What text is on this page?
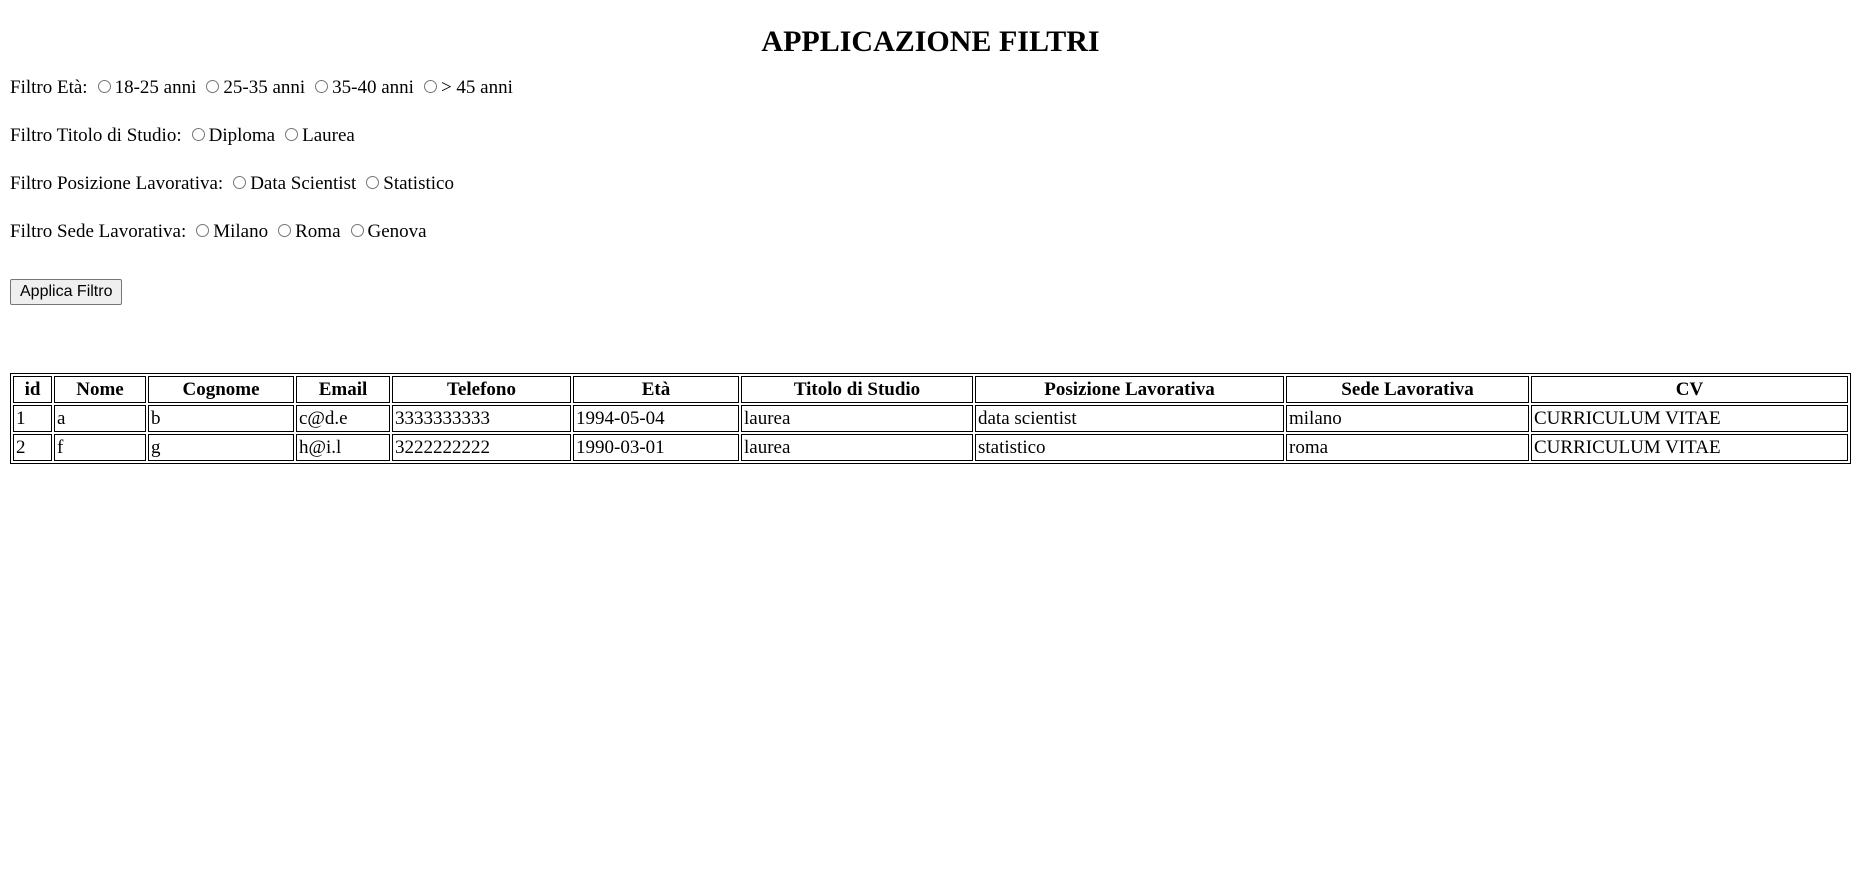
APPLICAZIONE FILTRI
Filtro Età: 18-25 anni 25-35 anni 35-40 anni > 45 anni
Filtro Titolo di Studio: Diploma Laurea
Filtro Posizione Lavorativa: Data Scientist Statistico
Filtro Sede Lavorativa: Milano Roma Genova
Applica Filtro
id	Nome	Cognome	Email	Telefono	Età	Titolo di Studio	Posizione Lavorativa	Sede Lavorativa	CV
1	a	b	c@d.e	3333333333	1994-05-04	laurea	data scientist	milano	CURRICULUM VITAE
2	f	g	h@i.l	3222222222	1990-03-01	laurea	statistico	roma	CURRICULUM VITAE
